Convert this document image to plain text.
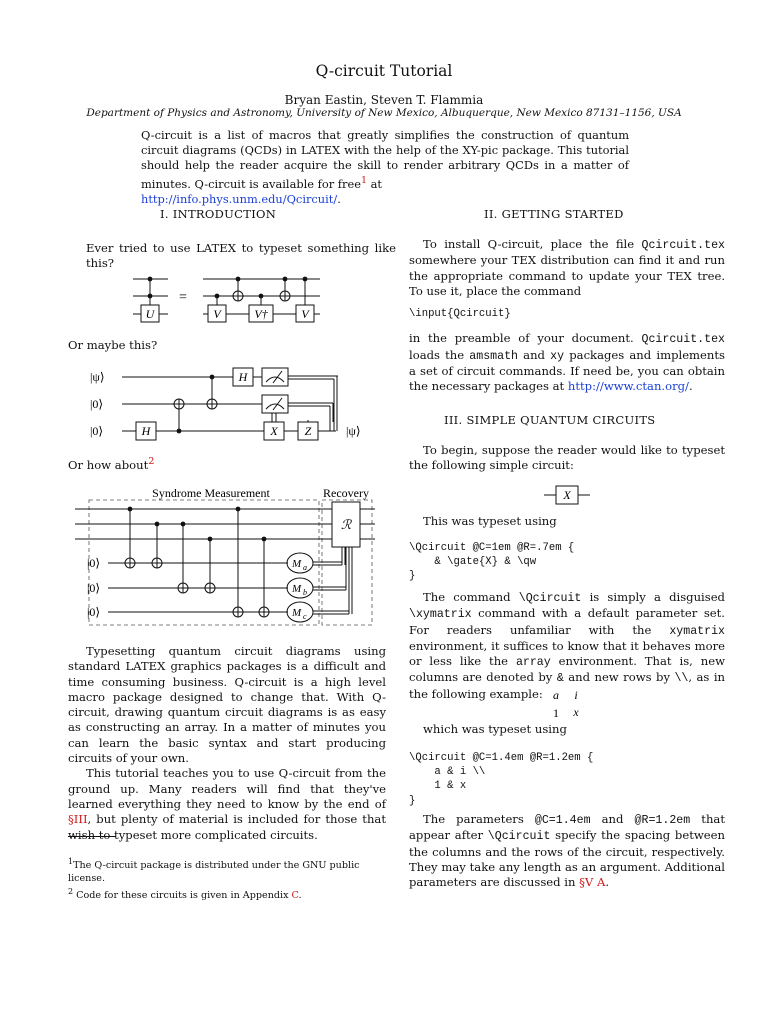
Q-circuit Tutorial
Bryan Eastin, Steven T. Flammia
Department of Physics and Astronomy, University of New Mexico, Albuquerque, New Mexico 87131–1156, USA
Q-circuit is a list of macros that greatly simplifies the construction of quantum circuit diagrams (QCDs) in LATEX with the help of the XY-pic package. This tutorial should help the reader acquire the skill to render arbitrary QCDs in a matter of minutes. Q-circuit is available for free$^1$ at
http://info.phys.unm.edu/Qcircuit/.
I. INTRODUCTION
Ever tried to use LATEX to typeset something like this?
U
=
V	V†	V
Or maybe this?
|ψ⟩
|0⟩
|0⟩	H
H
X Z	|ψ⟩
Or how about$^2$
Syndrome Measurement	Recovery
ℛ
|0⟩
|0⟩
|0⟩
M a
M b
M c

Typesetting quantum circuit diagrams using standard LATEX graphics packages is a difficult and time consuming business. Q-circuit is a high level macro package designed to change that. With Q-circuit, drawing quantum circuit diagrams is as easy as constructing an array. In a matter of minutes you can learn the basic syntax and start producing circuits of your own.

This tutorial teaches you to use Q-circuit from the ground up. Many readers will find that they've learned everything they need to know by the end of §III, but plenty of material is included for those that wish to typeset more complicated circuits.

$^1$The Q-circuit package is distributed under the GNU public license.
$^2$ Code for these circuits is given in Appendix C.
II. GETTING STARTED

To install Q-circuit, place the file Qcircuit.tex somewhere your TEX distribution can find it and run the appropriate command to update your TEX tree. To use it, place the command

\input{Qcircuit}

in the preamble of your document. Qcircuit.tex loads the amsmath and xy packages and implements a set of circuit commands. If need be, you can obtain the necessary packages at http://www.ctan.org/.

III. SIMPLE QUANTUM CIRCUITS

To begin, suppose the reader would like to typeset the following simple circuit:

X
This was typeset using
\Qcircuit @C=1em @R=.7em {
& \gate{X} & \qw
}

The command \Qcircuit is simply a disguised \xymatrix command with a default parameter set. For readers unfamiliar with the xymatrix environment, it suffices to know that it behaves more or less like the array environment. That is, new columns are denoted by & and new rows by \\, as in the following example: a i
1 x
which was typeset using
\Qcircuit @C=1.4em @R=1.2em {
a & i \\
1 & x
}

The parameters @C=1.4em and @R=1.2em that appear after \Qcircuit specify the spacing between the columns and the rows of the circuit, respectively. They may take any length as an argument. Additional parameters are discussed in §V A.
